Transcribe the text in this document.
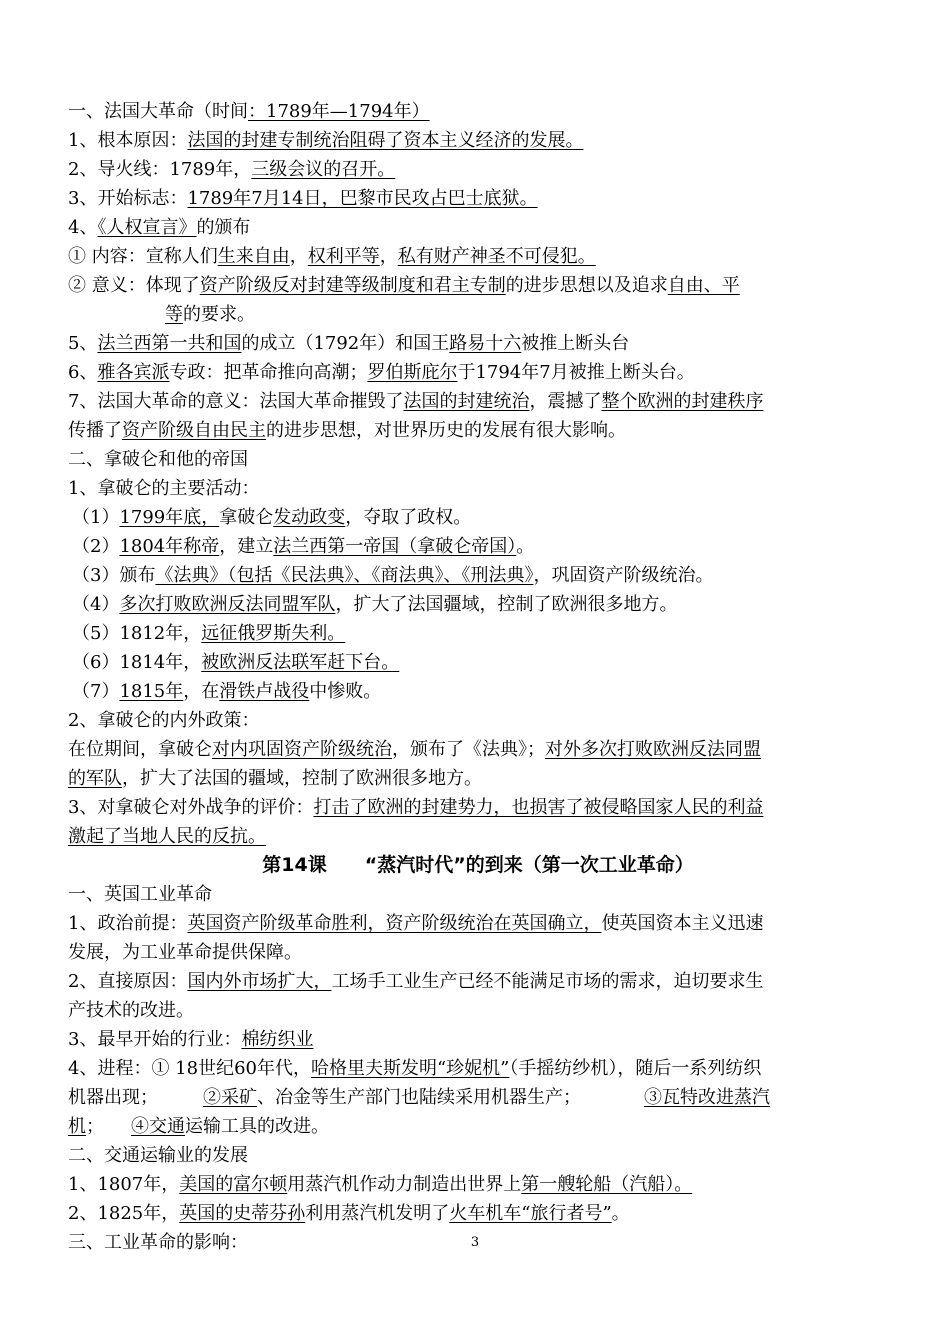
一、法国大革命（时间：1789年—1794年）
1、根本原因：法国的封建专制统治阻碍了资本主义经济的发展。
2、导火线：1789年，三级会议的召开。
3、开始标志：1789年7月14日，巴黎市民攻占巴士底狱。
4、《人权宣言》的颁布
① 内容：宣称人们生来自由，权利平等，私有财产神圣不可侵犯。
② 意义：体现了资产阶级反对封建等级制度和君主专制的进步思想以及追求自由、平
等的要求。
5、法兰西第一共和国的成立（1792年）和国王路易十六被推上断头台
6、雅各宾派专政：把革命推向高潮；罗伯斯庇尔于1794年7月被推上断头台。
7、法国大革命的意义：法国大革命摧毁了法国的封建统治，震撼了整个欧洲的封建秩序
传播了资产阶级自由民主的进步思想，对世界历史的发展有很大影响。
二、拿破仑和他的帝国
1、拿破仑的主要活动：
（1）1799年底，拿破仑发动政变，夺取了政权。
（2）1804年称帝，建立法兰西第一帝国（拿破仑帝国）。
（3）颁布《法典》（包括《民法典》、《商法典》、《刑法典》，巩固资产阶级统治。
（4）多次打败欧洲反法同盟军队，扩大了法国疆域，控制了欧洲很多地方。
（5）1812年，远征俄罗斯失利。
（6）1814年，被欧洲反法联军赶下台。
（7）1815年，在滑铁卢战役中惨败。
2、拿破仑的内外政策：
在位期间，拿破仑对内巩固资产阶级统治，颁布了《法典》；对外多次打败欧洲反法同盟
的军队，扩大了法国的疆域，控制了欧洲很多地方。
3、对拿破仑对外战争的评价：打击了欧洲的封建势力，也损害了被侵略国家人民的利益
激起了当地人民的反抗。
第14课　　“蒸汽时代”的到来（第一次工业革命）
一、英国工业革命
1、政治前提：英国资产阶级革命胜利，资产阶级统治在英国确立，使英国资本主义迅速
发展，为工业革命提供保障。
2、直接原因：国内外市场扩大，工场手工业生产已经不能满足市场的需求，迫切要求生
产技术的改进。
3、最早开始的行业：棉纺织业
4、进程：① 18世纪60年代，哈格里夫斯发明“珍妮机”（手摇纺纱机），随后一系列纺织
机器出现；　　　②采矿、冶金等生产部门也陆续采用机器生产；　　　　③瓦特改进蒸汽
机；　　④交通运输工具的改进。
二、交通运输业的发展
1、1807年，美国的富尔顿用蒸汽机作动力制造出世界上第一艘轮船（汽船）。
2、1825年，英国的史蒂芬孙利用蒸汽机发明了火车机车“旅行者号”。
三、工业革命的影响：	3
